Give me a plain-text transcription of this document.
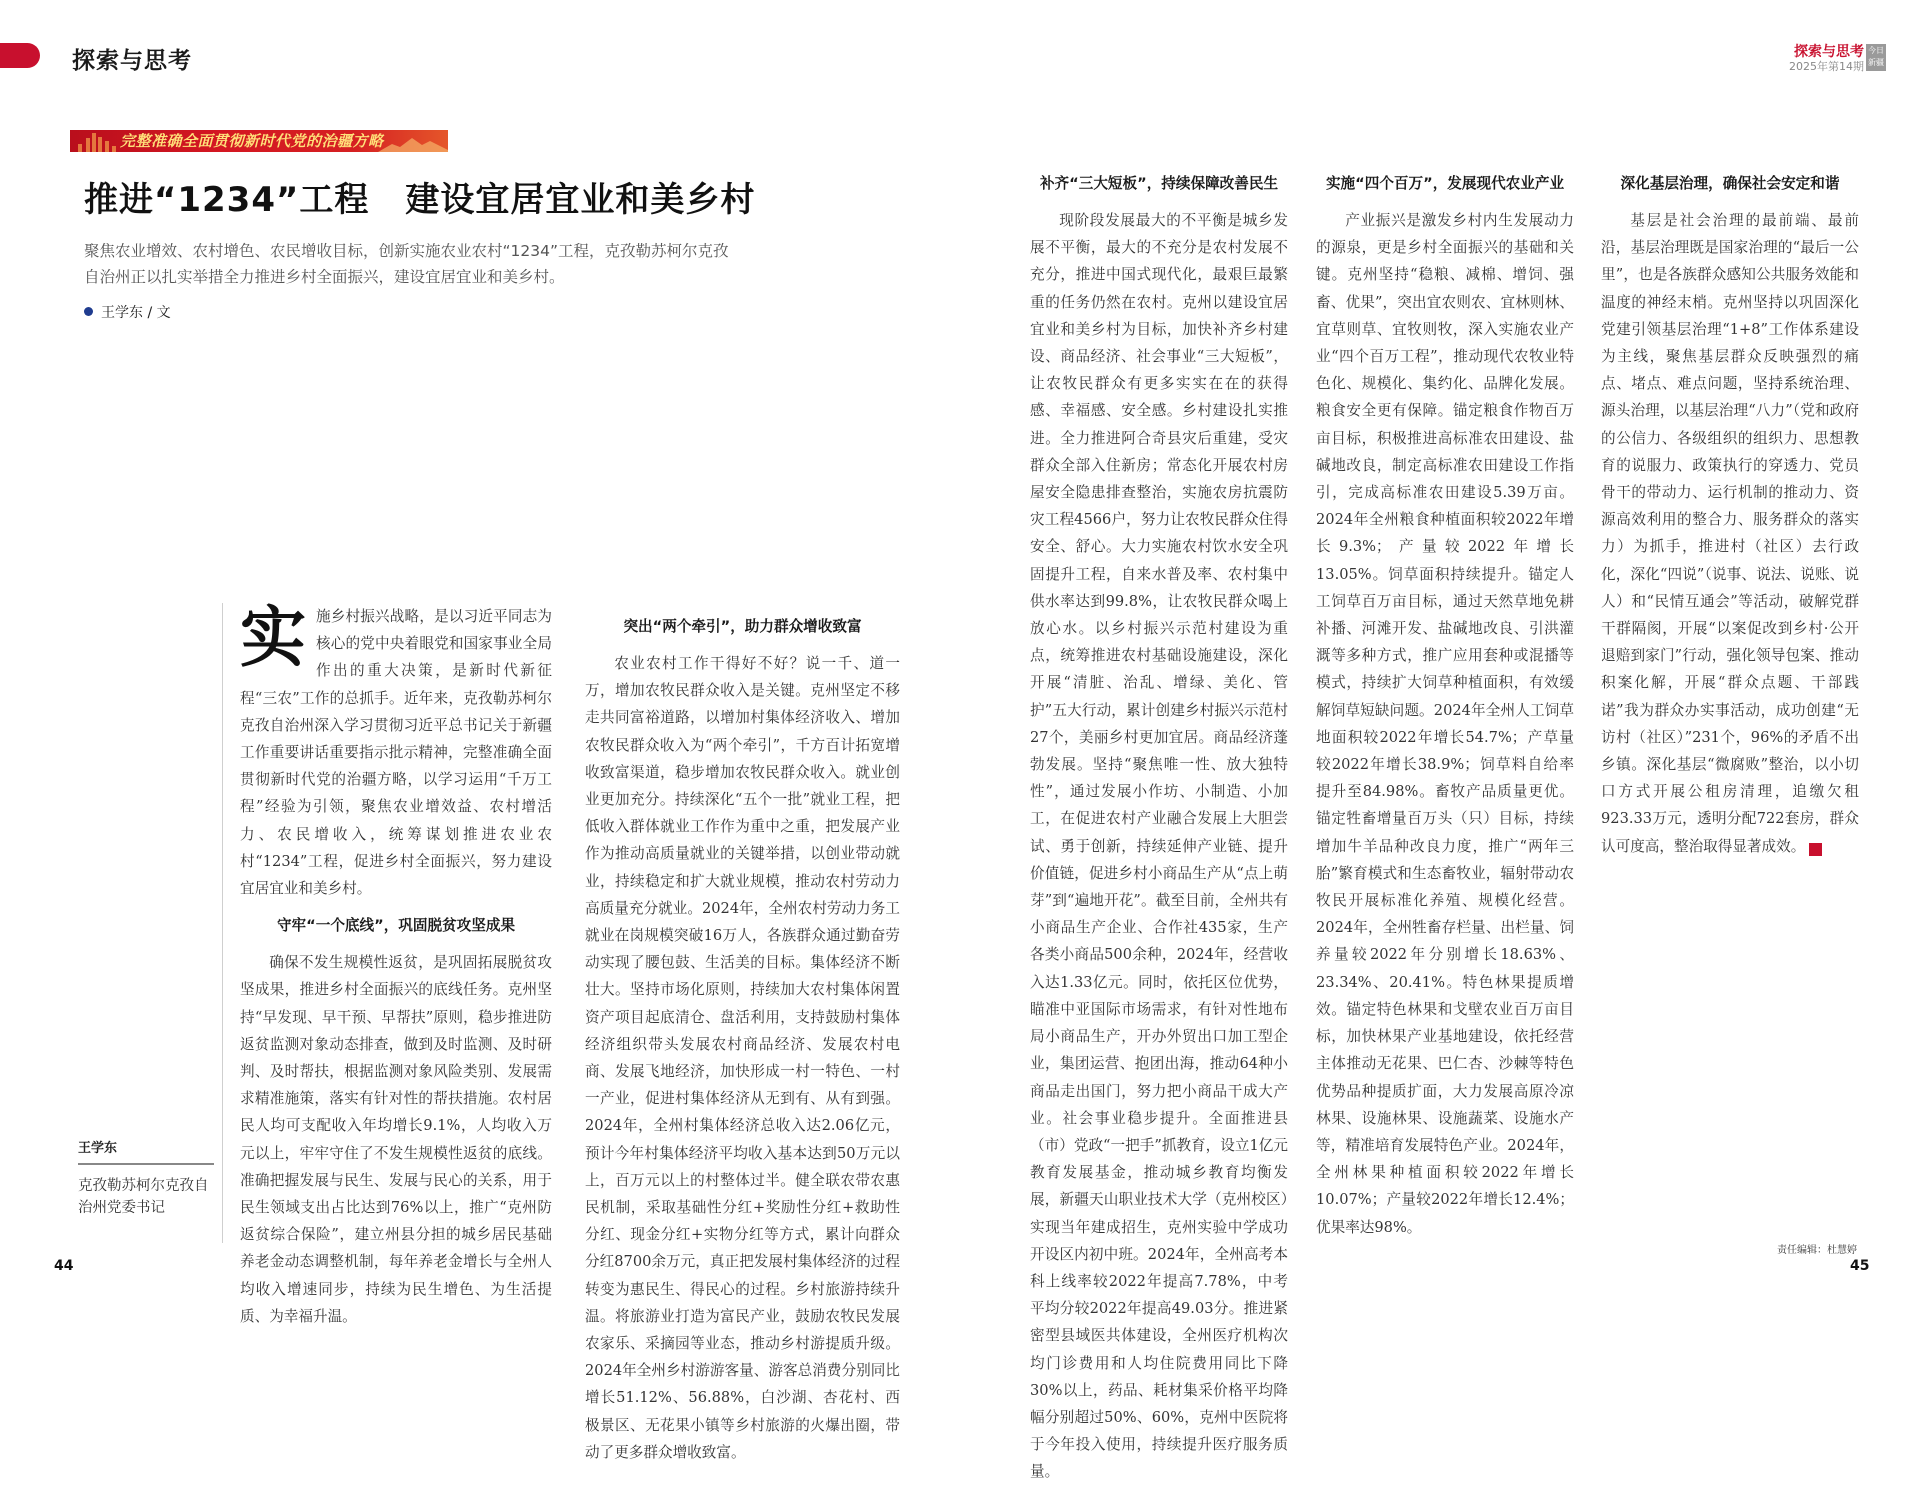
探索与思考	探索与思考
2025年第14期
今日
新疆
完整准确全面贯彻新时代党的治疆方略
推进“1234”工程 建设宜居宜业和美乡村
聚焦农业增效、农村增色、农民增收目标，创新实施农业农村“1234”工程，克孜勒苏柯尔克孜自治州正以扎实举措全力推进乡村全面振兴，建设宜居宜业和美乡村。
王学东 / 文
王学东
克孜勒苏柯尔克孜自治州党委书记
实 施乡村振兴战略，是以习近平同志为核心的党中央着眼党和国家事业全局作出的重大决策，是新时代新征程“三农”工作的总抓手。近年来，克孜勒苏柯尔克孜自治州深入学习贯彻习近平总书记关于新疆工作重要讲话重要指示批示精神，完整准确全面贯彻新时代党的治疆方略，以学习运用“千万工程”经验为引领，聚焦农业增效益、农村增活力、农民增收入，统筹谋划推进农业农村“1234”工程，促进乡村全面振兴，努力建设宜居宜业和美乡村。

守牢“一个底线”，巩固脱贫攻坚成果

确保不发生规模性返贫，是巩固拓展脱贫攻坚成果，推进乡村全面振兴的底线任务。克州坚持“早发现、早干预、早帮扶”原则，稳步推进防返贫监测对象动态排查，做到及时监测、及时研判、及时帮扶，根据监测对象风险类别、发展需求精准施策，落实有针对性的帮扶措施。农村居民人均可支配收入年均增长9.1%，人均收入万元以上，牢牢守住了不发生规模性返贫的底线。准确把握发展与民生、发展与民心的关系，用于民生领域支出占比达到76%以上，推广“克州防返贫综合保险”，建立州县分担的城乡居民基础养老金动态调整机制，每年养老金增长与全州人均收入增速同步，持续为民生增色、为生活提质、为幸福升温。

突出“两个牵引”，助力群众增收致富

农业农村工作干得好不好？说一千、道一万，增加农牧民群众收入是关键。克州坚定不移走共同富裕道路，以增加村集体经济收入、增加农牧民群众收入为“两个牵引”，千方百计拓宽增收致富渠道，稳步增加农牧民群众收入。就业创业更加充分。持续深化“五个一批”就业工程，把低收入群体就业工作作为重中之重，把发展产业作为推动高质量就业的关键举措，以创业带动就业，持续稳定和扩大就业规模，推动农村劳动力高质量充分就业。2024年，全州农村劳动力务工就业在岗规模突破16万人，各族群众通过勤奋劳动实现了腰包鼓、生活美的目标。集体经济不断壮大。坚持市场化原则，持续加大农村集体闲置资产项目起底清仓、盘活利用，支持鼓励村集体经济组织带头发展农村商品经济、发展农村电商、发展飞地经济，加快形成一村一特色、一村一产业，促进村集体经济从无到有、从有到强。2024年，全州村集体经济总收入达2.06亿元，预计今年村集体经济平均收入基本达到50万元以上，百万元以上的村整体过半。健全联农带农惠民机制，采取基础性分红+奖励性分红+救助性分红、现金分红+实物分红等方式，累计向群众分红8700余万元，真正把发展村集体经济的过程转变为惠民生、得民心的过程。乡村旅游持续升温。将旅游业打造为富民产业，鼓励农牧民发展农家乐、采摘园等业态，推动乡村游提质升级。2024年全州乡村游游客量、游客总消费分别同比增长51.12%、56.88%，白沙湖、杏花村、西极景区、无花果小镇等乡村旅游的火爆出圈，带动了更多群众增收致富。

补齐“三大短板”，持续保障改善民生

现阶段发展最大的不平衡是城乡发展不平衡，最大的不充分是农村发展不充分，推进中国式现代化，最艰巨最繁重的任务仍然在农村。克州以建设宜居宜业和美乡村为目标，加快补齐乡村建设、商品经济、社会事业“三大短板”，让农牧民群众有更多实实在在的获得感、幸福感、安全感。乡村建设扎实推进。全力推进阿合奇县灾后重建，受灾群众全部入住新房；常态化开展农村房屋安全隐患排查整治，实施农房抗震防灾工程4566户，努力让农牧民群众住得安全、舒心。大力实施农村饮水安全巩固提升工程，自来水普及率、农村集中供水率达到99.8%，让农牧民群众喝上放心水。以乡村振兴示范村建设为重点，统筹推进农村基础设施建设，深化开展“清脏、治乱、增绿、美化、管护”五大行动，累计创建乡村振兴示范村27个，美丽乡村更加宜居。商品经济蓬勃发展。坚持“聚焦唯一性、放大独特性”，通过发展小作坊、小制造、小加工，在促进农村产业融合发展上大胆尝试、勇于创新，持续延伸产业链、提升价值链，促进乡村小商品生产从“点上萌芽”到“遍地开花”。截至目前，全州共有小商品生产企业、合作社435家，生产各类小商品500余种，2024年，经营收入达1.33亿元。同时，依托区位优势，瞄准中亚国际市场需求，有针对性地布局小商品生产，开办外贸出口加工型企业，集团运营、抱团出海，推动64种小商品走出国门，努力把小商品干成大产业。社会事业稳步提升。全面推进县（市）党政“一把手”抓教育，设立1亿元教育发展基金，推动城乡教育均衡发展，新疆天山职业技术大学（克州校区）实现当年建成招生，克州实验中学成功开设区内初中班。2024年，全州高考本科上线率较2022年提高7.78%，中考平均分较2022年提高49.03分。推进紧密型县域医共体建设，全州医疗机构次均门诊费用和人均住院费用同比下降30%以上，药品、耗材集采价格平均降幅分别超过50%、60%，克州中医院将于今年投入使用，持续提升医疗服务质量。

实施“四个百万”，发展现代农业产业

产业振兴是激发乡村内生发展动力的源泉，更是乡村全面振兴的基础和关键。克州坚持“稳粮、减棉、增饲、强畜、优果”，突出宜农则农、宜林则林、宜草则草、宜牧则牧，深入实施农业产业“四个百万工程”，推动现代农牧业特色化、规模化、集约化、品牌化发展。粮食安全更有保障。锚定粮食作物百万亩目标，积极推进高标准农田建设、盐碱地改良，制定高标准农田建设工作指引，完成高标准农田建设5.39万亩。2024年全州粮食种植面积较2022年增长9.3%；产量较2022年增长13.05%。饲草面积持续提升。锚定人工饲草百万亩目标，通过天然草地免耕补播、河滩开发、盐碱地改良、引洪灌溉等多种方式，推广应用套种或混播等模式，持续扩大饲草种植面积，有效缓解饲草短缺问题。2024年全州人工饲草地面积较2022年增长54.7%；产草量较2022年增长38.9%；饲草料自给率提升至84.98%。畜牧产品质量更优。锚定牲畜增量百万头（只）目标，持续增加牛羊品种改良力度，推广“两年三胎”繁育模式和生态畜牧业，辐射带动农牧民开展标准化养殖、规模化经营。2024年，全州牲畜存栏量、出栏量、饲养量较2022年分别增长18.63%、23.34%、20.41%。特色林果提质增效。锚定特色林果和戈壁农业百万亩目标，加快林果产业基地建设，依托经营主体推动无花果、巴仁杏、沙棘等特色优势品种提质扩面，大力发展高原冷凉林果、设施林果、设施蔬菜、设施水产等，精准培育发展特色产业。2024年，全州林果种植面积较2022年增长10.07%；产量较2022年增长12.4%；优果率达98%。

深化基层治理，确保社会安定和谐

基层是社会治理的最前端、最前沿，基层治理既是国家治理的“最后一公里”，也是各族群众感知公共服务效能和温度的神经末梢。克州坚持以巩固深化党建引领基层治理“1+8”工作体系建设为主线，聚焦基层群众反映强烈的痛点、堵点、难点问题，坚持系统治理、源头治理，以基层治理“八力”（党和政府的公信力、各级组织的组织力、思想教育的说服力、政策执行的穿透力、党员骨干的带动力、运行机制的推动力、资源高效利用的整合力、服务群众的落实力）为抓手，推进村（社区）去行政化，深化“四说”（说事、说法、说账、说人）和“民情互通会”等活动，破解党群干群隔阂，开展“以案促改到乡村·公开退赔到家门”行动，强化领导包案、推动积案化解，开展“群众点题、干部践诺”我为群众办实事活动，成功创建“无访村（社区）”231个，96%的矛盾不出乡镇。深化基层“微腐败”整治，以小切口方式开展公租房清理，追缴欠租923.33万元，透明分配722套房，群众认可度高，整治取得显著成效。	J

44
责任编辑：杜慧婷
45
